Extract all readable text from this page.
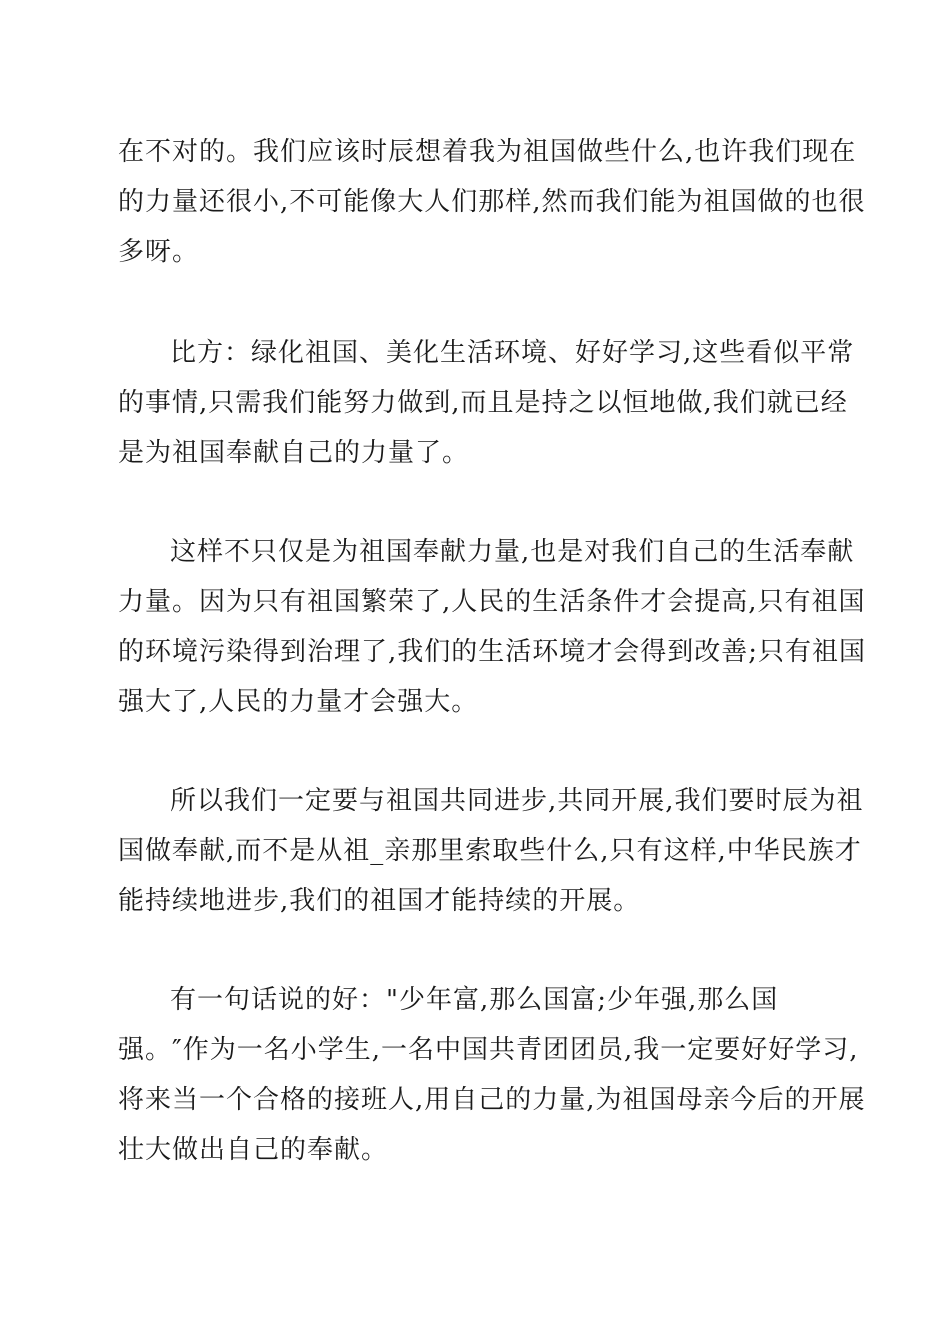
在不对的。我们应该时辰想着我为祖国做些什么,也许我们现在
的力量还很小,不可能像大人们那样,然而我们能为祖国做的也很
多呀。

比方：绿化祖国、美化生活环境、好好学习,这些看似平常
的事情,只需我们能努力做到,而且是持之以恒地做,我们就已经
是为祖国奉献自己的力量了。

这样不只仅是为祖国奉献力量,也是对我们自己的生活奉献
力量。因为只有祖国繁荣了,人民的生活条件才会提高,只有祖国
的环境污染得到治理了,我们的生活环境才会得到改善;只有祖国
强大了,人民的力量才会强大。

所以我们一定要与祖国共同进步,共同开展,我们要时辰为祖
国做奉献,而不是从祖_亲那里索取些什么,只有这样,中华民族才
能持续地进步,我们的祖国才能持续的开展。

有一句话说的好："少年富,那么国富;少年强,那么国
强。″作为一名小学生,一名中国共青团团员,我一定要好好学习,
将来当一个合格的接班人,用自己的力量,为祖国母亲今后的开展
壮大做出自己的奉献。
